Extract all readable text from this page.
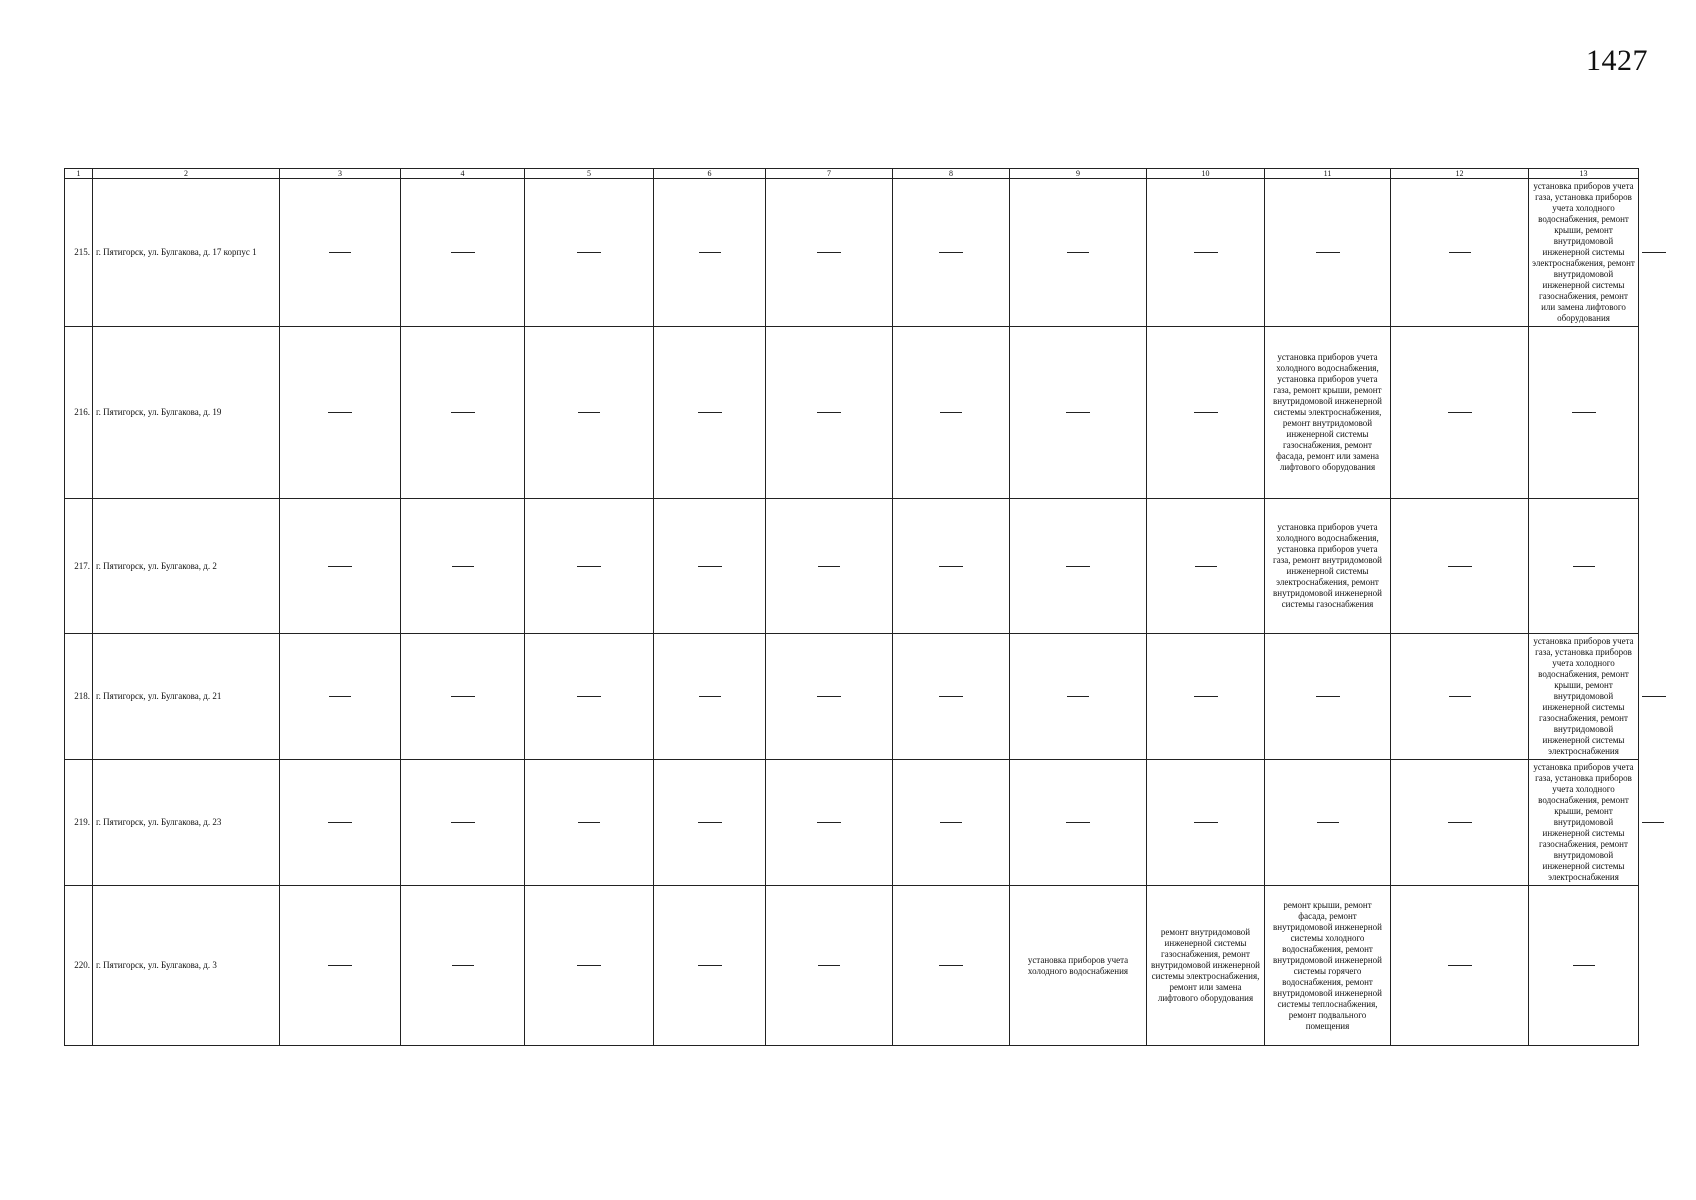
1427
1	2	3	4	5	6	7	8	9	10	11	12	13	
215.	г. Пятигорск, ул. Булгакова, д. 17 корпус 1											установка приборов учета газа, установка приборов учета холодного водоснабжения, ремонт крыши, ремонт внутридомовой инженерной системы электроснабжения, ремонт внутридомовой инженерной системы газоснабжения, ремонт или замена лифтового оборудования	
216.	г. Пятигорск, ул. Булгакова, д. 19									установка приборов учета холодного водоснабжения, установка приборов учета газа, ремонт крыши, ремонт внутридомовой инженерной системы электроснабжения, ремонт внутридомовой инженерной системы газоснабжения, ремонт фасада, ремонт или замена лифтового оборудования			
217.	г. Пятигорск, ул. Булгакова, д. 2									установка приборов учета холодного водоснабжения, установка приборов учета газа, ремонт внутридомовой инженерной системы электроснабжения, ремонт внутридомовой инженерной системы газоснабжения			
218.	г. Пятигорск, ул. Булгакова, д. 21											установка приборов учета газа, установка приборов учета холодного водоснабжения, ремонт крыши, ремонт внутридомовой инженерной системы газоснабжения, ремонт внутридомовой инженерной системы электроснабжения	
219.	г. Пятигорск, ул. Булгакова, д. 23											установка приборов учета газа, установка приборов учета холодного водоснабжения, ремонт крыши, ремонт внутридомовой инженерной системы газоснабжения, ремонт внутридомовой инженерной системы электроснабжения	
220.	г. Пятигорск, ул. Булгакова, д. 3							установка приборов учета холодного водоснабжения	ремонт внутридомовой инженерной системы газоснабжения, ремонт внутридомовой инженерной системы электроснабжения, ремонт или замена лифтового оборудования	ремонт крыши, ремонт фасада, ремонт внутридомовой инженерной системы холодного водоснабжения, ремонт внутридомовой инженерной системы горячего водоснабжения, ремонт внутридомовой инженерной системы теплоснабжения, ремонт подвального помещения			
